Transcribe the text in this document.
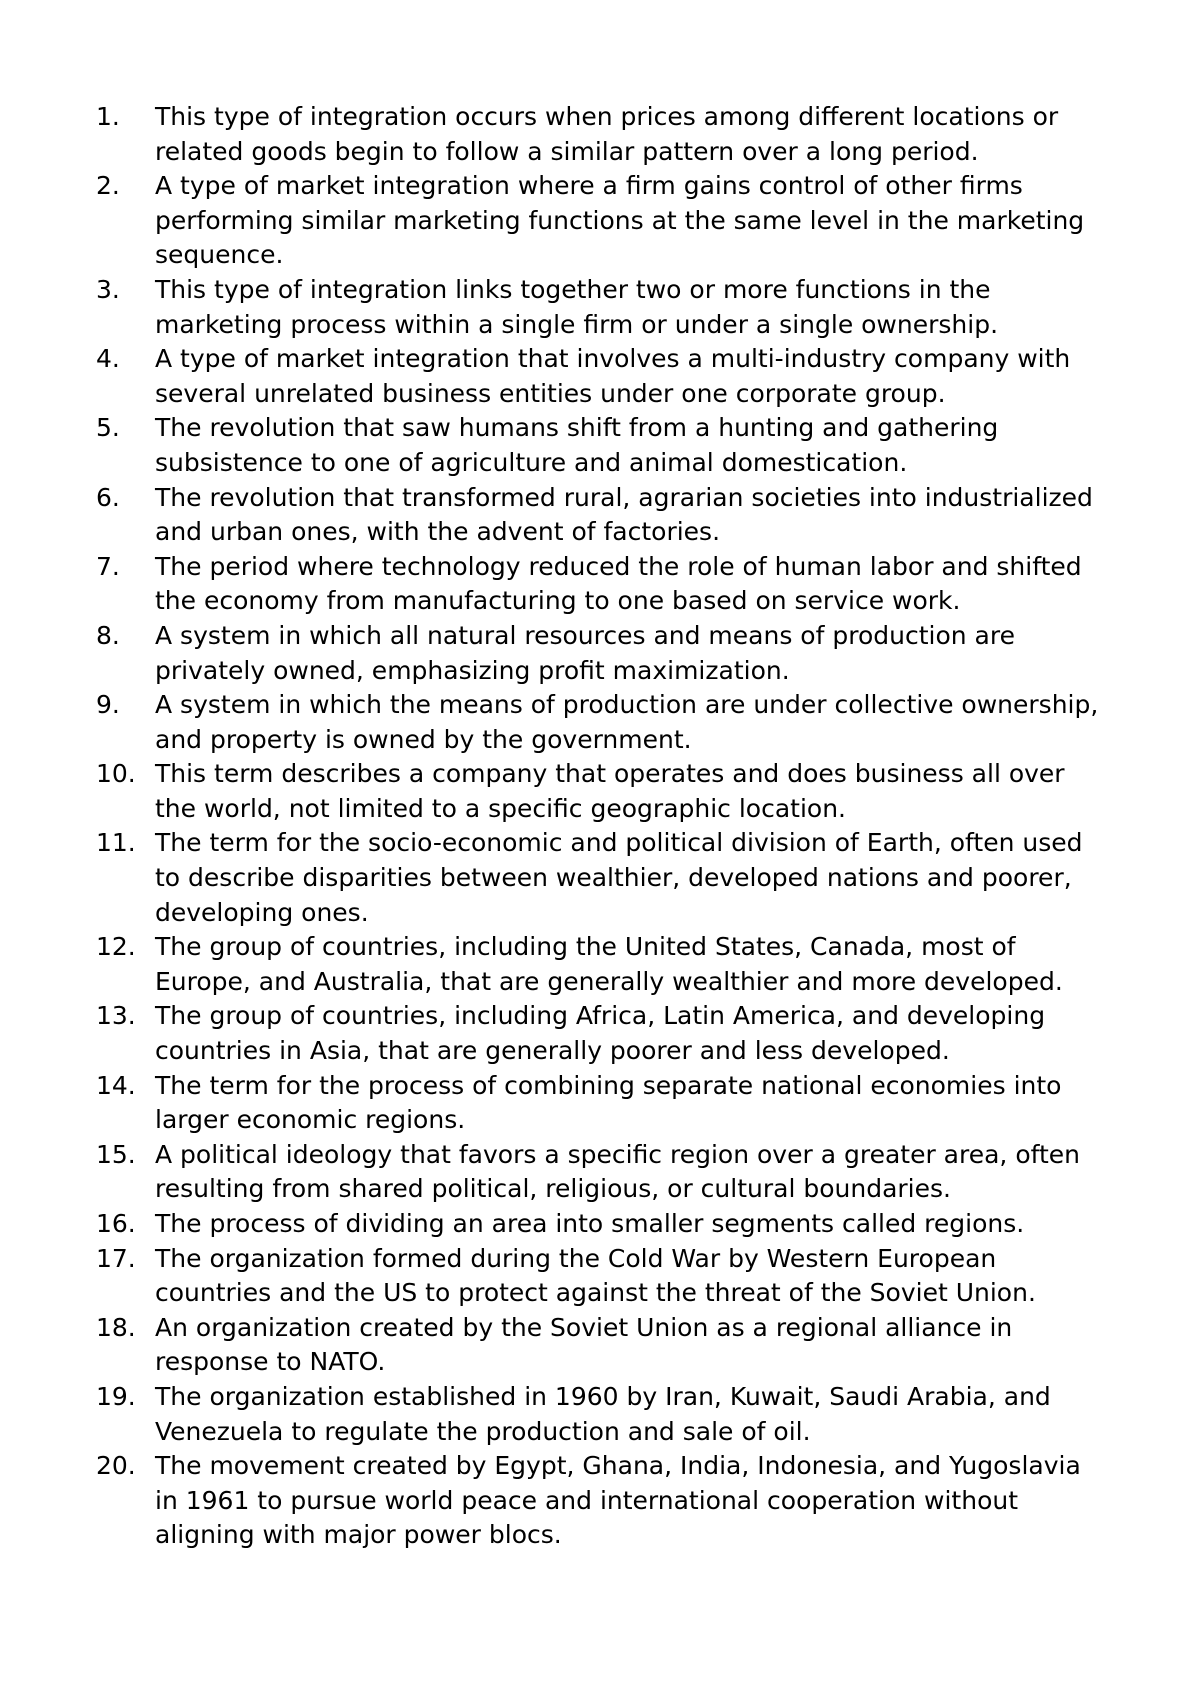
1.	This type of integration occurs when prices among different locations or related goods begin to follow a similar pattern over a long period.
2.	A type of market integration where a firm gains control of other firms performing similar marketing functions at the same level in the marketing sequence.
3.	This type of integration links together two or more functions in the marketing process within a single firm or under a single ownership.
4.	A type of market integration that involves a multi-industry company with several unrelated business entities under one corporate group.
5.	The revolution that saw humans shift from a hunting and gathering subsistence to one of agriculture and animal domestication.
6.	The revolution that transformed rural, agrarian societies into industrialized and urban ones, with the advent of factories.
7.	The period where technology reduced the role of human labor and shifted the economy from manufacturing to one based on service work.
8.	A system in which all natural resources and means of production are privately owned, emphasizing profit maximization.
9.	A system in which the means of production are under collective ownership, and property is owned by the government.
10. This term describes a company that operates and does business all over the world, not limited to a specific geographic location.
11. The term for the socio-economic and political division of Earth, often used to describe disparities between wealthier, developed nations and poorer, developing ones.
12. The group of countries, including the United States, Canada, most of Europe, and Australia, that are generally wealthier and more developed.
13. The group of countries, including Africa, Latin America, and developing countries in Asia, that are generally poorer and less developed.
14. The term for the process of combining separate national economies into larger economic regions.
15. A political ideology that favors a specific region over a greater area, often resulting from shared political, religious, or cultural boundaries.
16. The process of dividing an area into smaller segments called regions.
17. The organization formed during the Cold War by Western European countries and the US to protect against the threat of the Soviet Union.
18. An organization created by the Soviet Union as a regional alliance in response to NATO.
19. The organization established in 1960 by Iran, Kuwait, Saudi Arabia, and Venezuela to regulate the production and sale of oil.
20. The movement created by Egypt, Ghana, India, Indonesia, and Yugoslavia in 1961 to pursue world peace and international cooperation without aligning with major power blocs.
